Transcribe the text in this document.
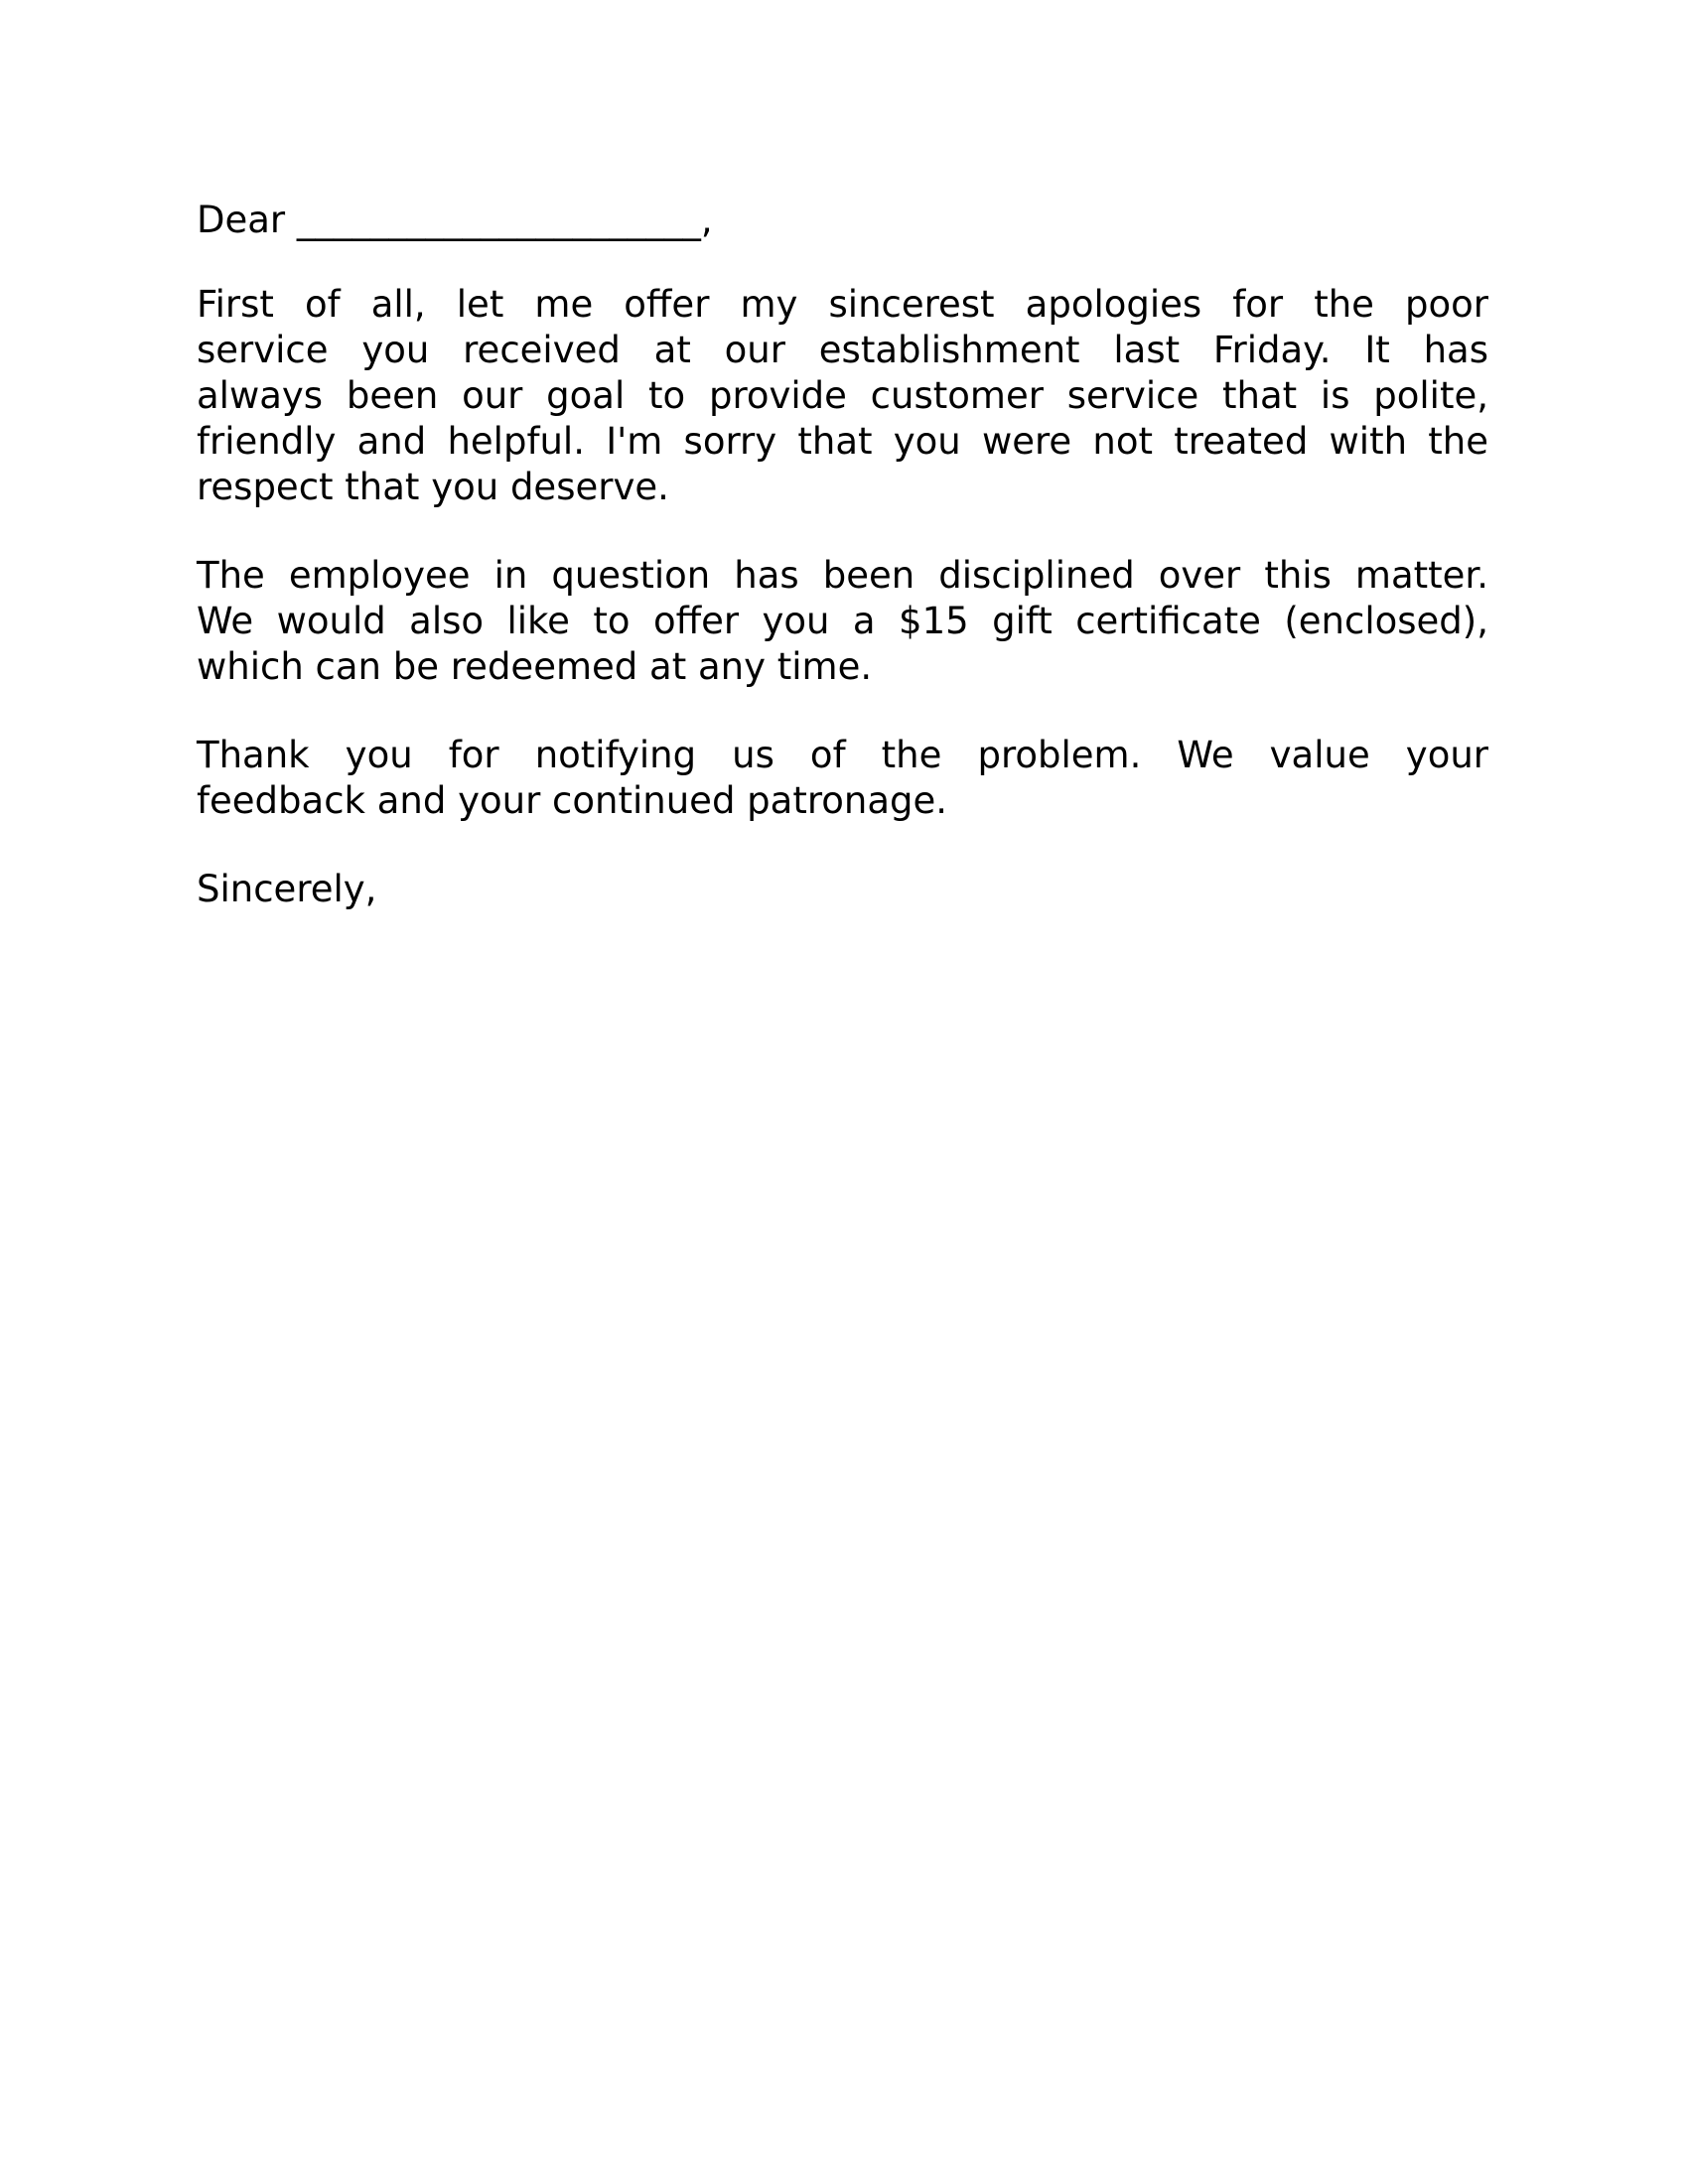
Dear ______________________,
First of all, let me offer my sincerest apologies for the poor
service you received at our establishment last Friday. It has
always been our goal to provide customer service that is polite,
friendly and helpful. I'm sorry that you were not treated with the
respect that you deserve.
The employee in question has been disciplined over this matter.
We would also like to offer you a $15 gift certificate (enclosed),
which can be redeemed at any time.
Thank you for notifying us of the problem. We value your
feedback and your continued patronage.
Sincerely,
